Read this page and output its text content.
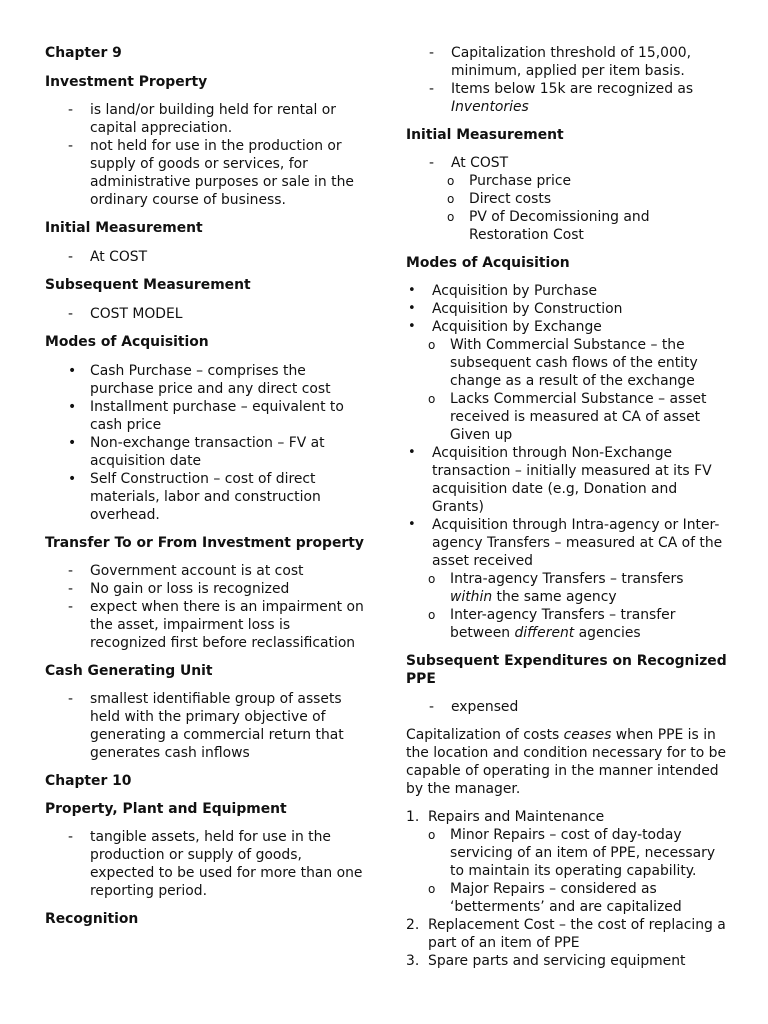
Chapter 9

Investment Property

- is land/or building held for rental or capital appreciation.
- not held for use in the production or supply of goods or services, for administrative purposes or sale in the ordinary course of business.

Initial Measurement

- At COST

Subsequent Measurement

- COST MODEL

Modes of Acquisition

• Cash Purchase – comprises the purchase price and any direct cost
• Installment purchase – equivalent to cash price
• Non-exchange transaction – FV at acquisition date
• Self Construction – cost of direct materials, labor and construction overhead.

Transfer To or From Investment property

- Government account is at cost
- No gain or loss is recognized
- expect when there is an impairment on the asset, impairment loss is recognized first before reclassification

Cash Generating Unit

- smallest identifiable group of assets held with the primary objective of generating a commercial return that generates cash inflows

Chapter 10

Property, Plant and Equipment

- tangible assets, held for use in the production or supply of goods, expected to be used for more than one reporting period.

Recognition

- Capitalization threshold of 15,000, minimum, applied per item basis.
- Items below 15k are recognized as Inventories

Initial Measurement

- At COST
o Purchase price
o Direct costs
o PV of Decomissioning and Restoration Cost

Modes of Acquisition

• Acquisition by Purchase
• Acquisition by Construction
• Acquisition by Exchange
o With Commercial Substance – the subsequent cash flows of the entity change as a result of the exchange
o Lacks Commercial Substance – asset received is measured at CA of asset Given up
• Acquisition through Non-Exchange transaction – initially measured at its FV acquisition date (e.g, Donation and Grants)
• Acquisition through Intra-agency or Inter-agency Transfers – measured at CA of the asset received
o Intra-agency Transfers – transfers within the same agency
o Inter-agency Transfers – transfer between different agencies

Subsequent Expenditures on Recognized PPE

- expensed

Capitalization of costs ceases when PPE is in the location and condition necessary for to be capable of operating in the manner intended by the manager.

1. Repairs and Maintenance
o Minor Repairs – cost of day-today servicing of an item of PPE, necessary to maintain its operating capability.
o Major Repairs – considered as ‘betterments’ and are capitalized
2. Replacement Cost – the cost of replacing a part of an item of PPE
3. Spare parts and servicing equipment
